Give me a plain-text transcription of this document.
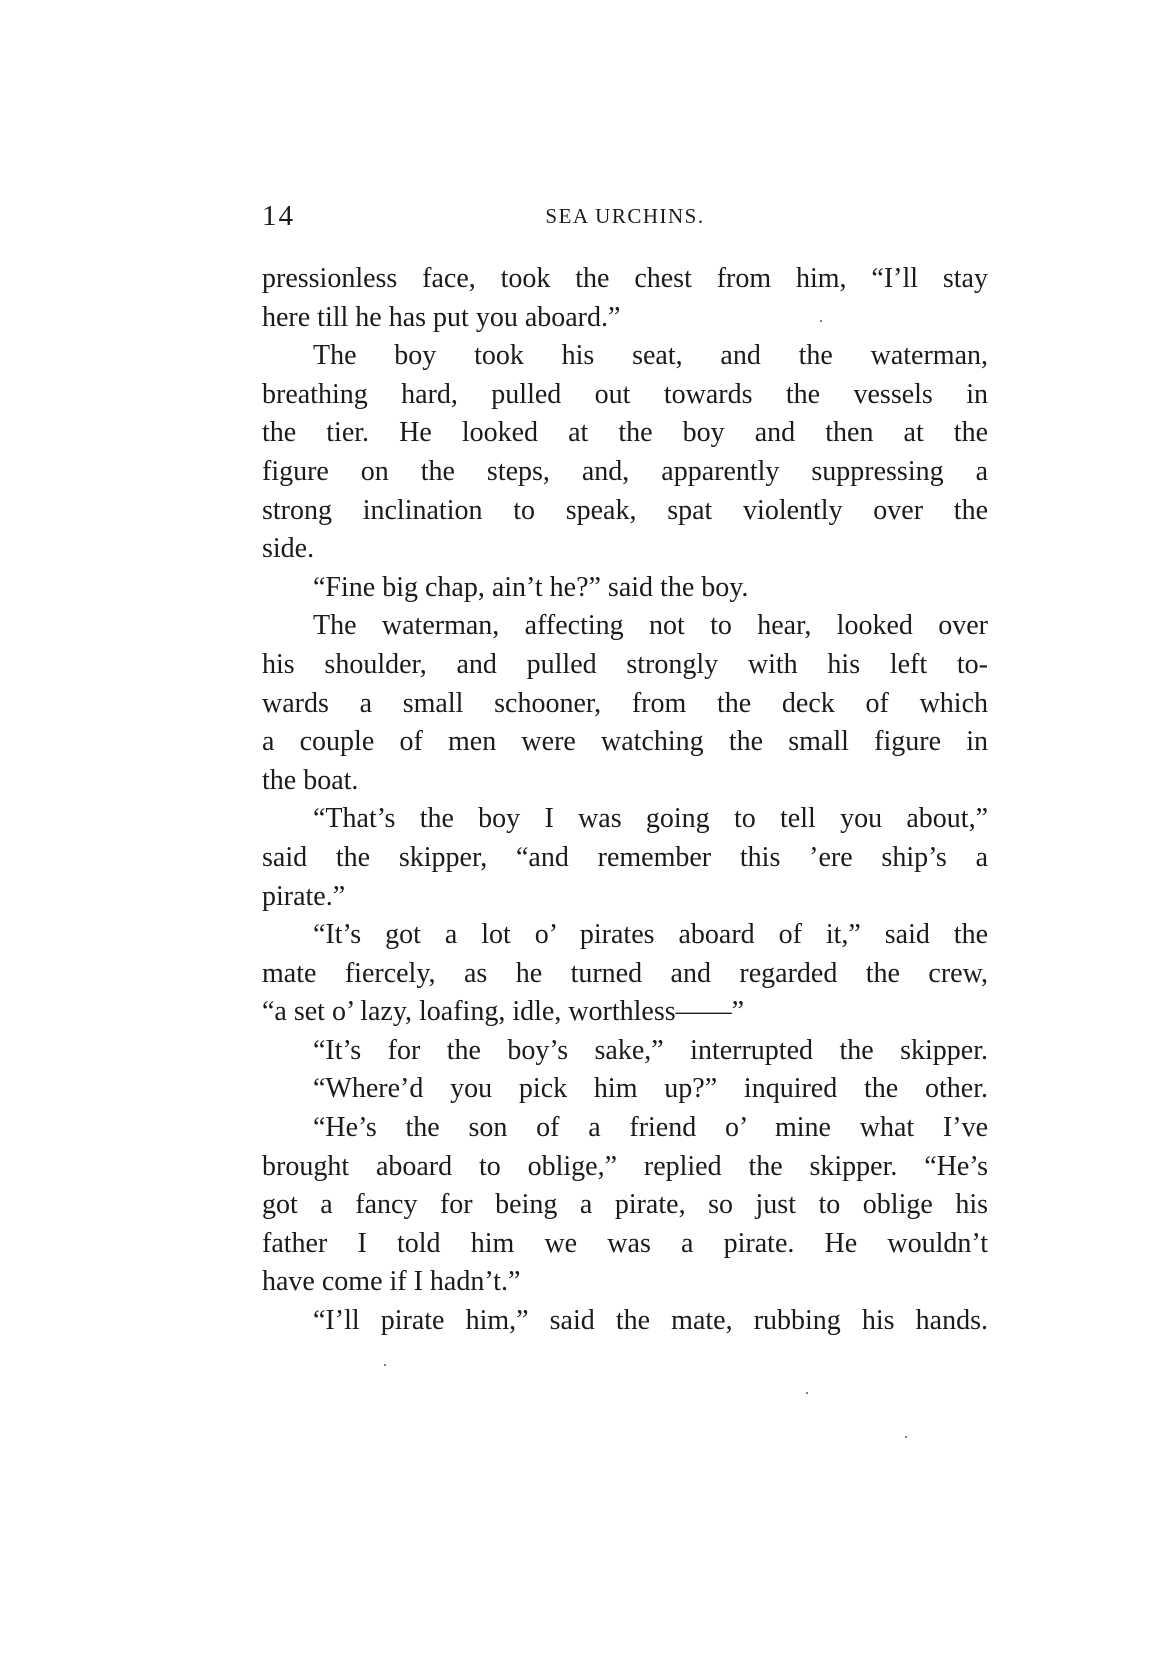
14	SEA URCHINS.
pressionless face, took the chest from him, “I’ll stay
here till he has put you aboard.”
The boy took his seat, and the waterman,
breathing hard, pulled out towards the vessels in
the tier. He looked at the boy and then at the
figure on the steps, and, apparently suppressing a
strong inclination to speak, spat violently over the
side.
“Fine big chap, ain’t he?” said the boy.
The waterman, affecting not to hear, looked over
his shoulder, and pulled strongly with his left to-
wards a small schooner, from the deck of which
a couple of men were watching the small figure in
the boat.
“That’s the boy I was going to tell you about,”
said the skipper, “and remember this ’ere ship’s a
pirate.”
“It’s got a lot o’ pirates aboard of it,” said the
mate fiercely, as he turned and regarded the crew,
“a set o’ lazy, loafing, idle, worthless——”
“It’s for the boy’s sake,” interrupted the skipper.
“Where’d you pick him up?” inquired the other.
“He’s the son of a friend o’ mine what I’ve
brought aboard to oblige,” replied the skipper. “He’s
got a fancy for being a pirate, so just to oblige his
father I told him we was a pirate. He wouldn’t
have come if I hadn’t.”
“I’ll pirate him,” said the mate, rubbing his hands.
